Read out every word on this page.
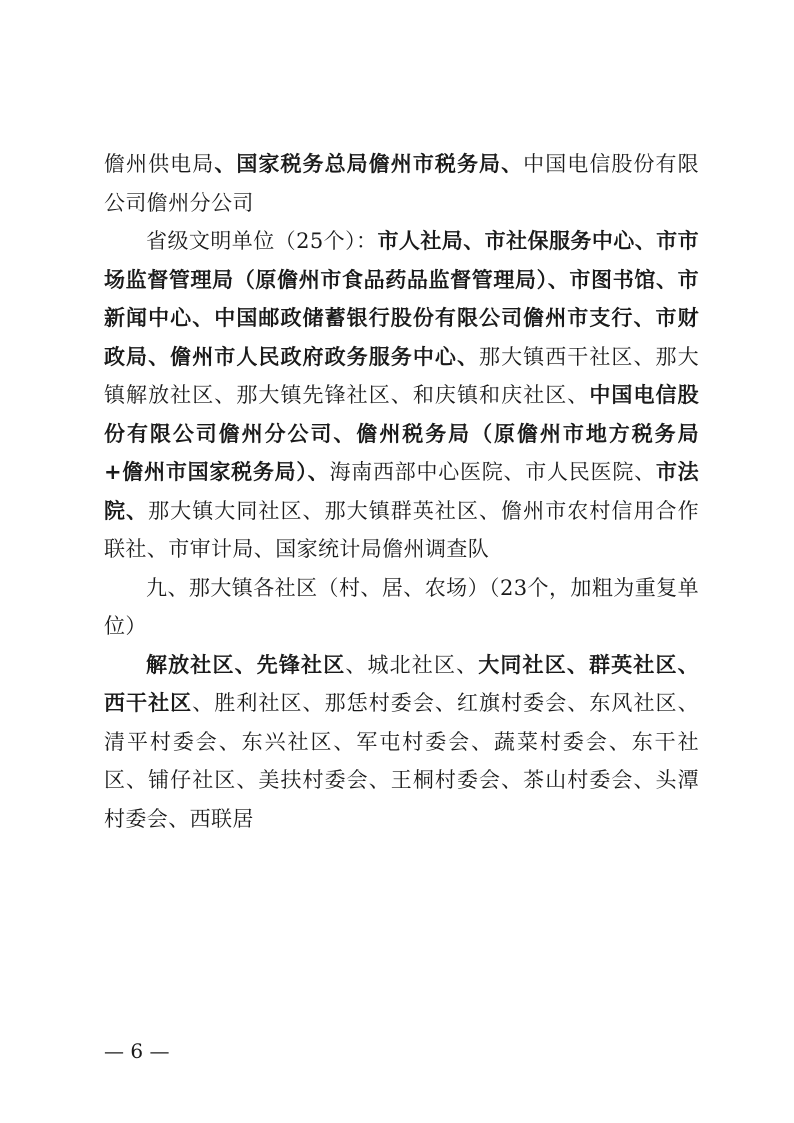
儋州供电局、国家税务总局儋州市税务局、中国电信股份有限公司儋州分公司

省级文明单位（25个）：市人社局、市社保服务中心、市市场监督管理局（原儋州市食品药品监督管理局）、市图书馆、市新闻中心、中国邮政储蓄银行股份有限公司儋州市支行、市财政局、儋州市人民政府政务服务中心、那大镇西干社区、那大镇解放社区、那大镇先锋社区、和庆镇和庆社区、中国电信股份有限公司儋州分公司、儋州税务局（原儋州市地方税务局+儋州市国家税务局）、海南西部中心医院、市人民医院、市法院、那大镇大同社区、那大镇群英社区、儋州市农村信用合作联社、市审计局、国家统计局儋州调查队

九、那大镇各社区（村、居、农场）（23个，加粗为重复单位）

解放社区、先锋社区、城北社区、大同社区、群英社区、西干社区、胜利社区、那恁村委会、红旗村委会、东风社区、清平村委会、东兴社区、军屯村委会、蔬菜村委会、东干社区、铺仔社区、美扶村委会、王桐村委会、茶山村委会、头潭村委会、西联居

— 6 —
